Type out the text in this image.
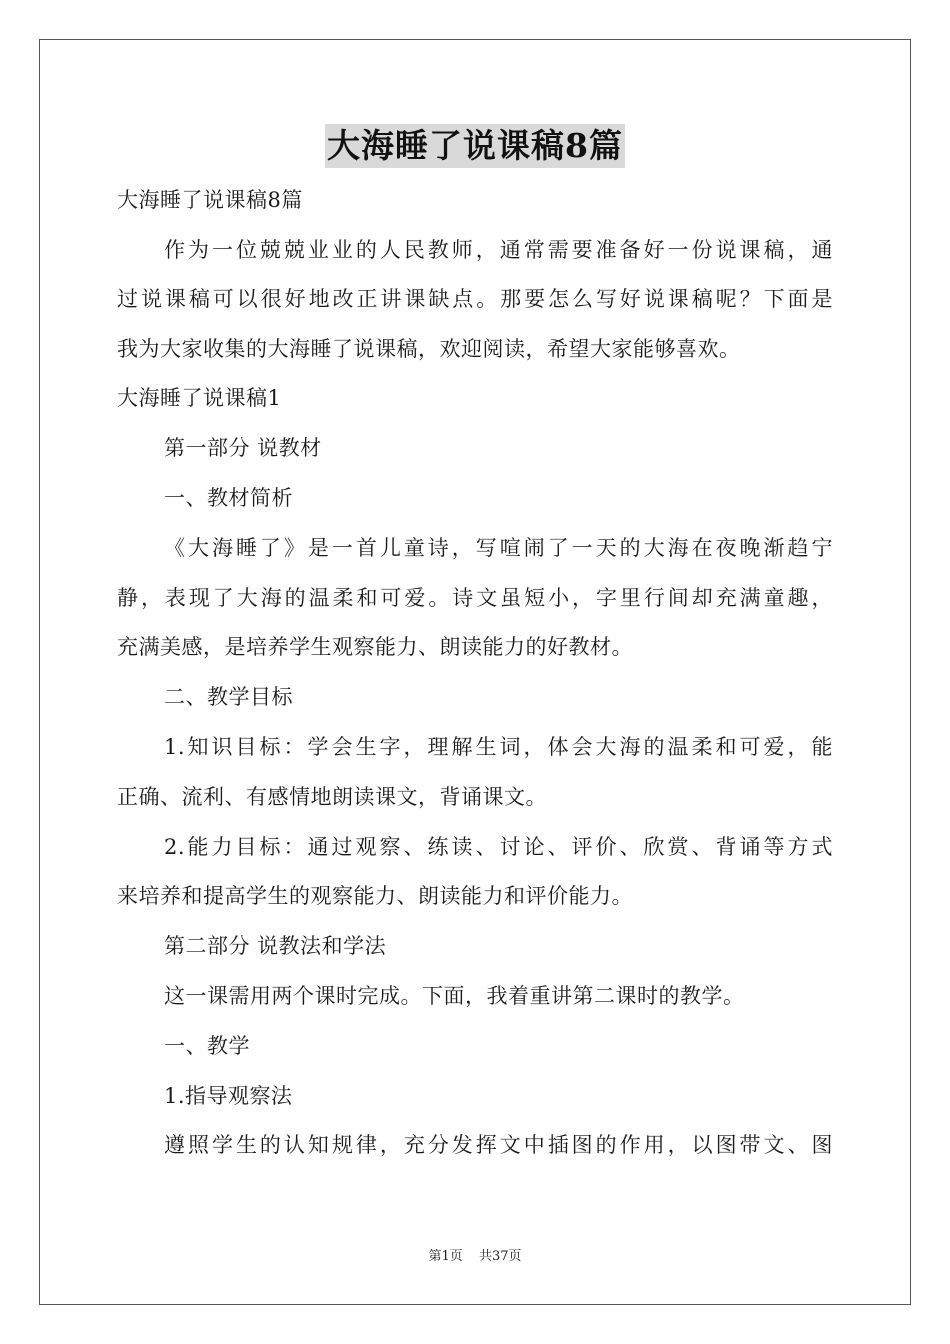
大海睡了说课稿8篇
大海睡了说课稿8篇
作为一位兢兢业业的人民教师，通常需要准备好一份说课稿，通
过说课稿可以很好地改正讲课缺点。那要怎么写好说课稿呢？下面是
我为大家收集的大海睡了说课稿，欢迎阅读，希望大家能够喜欢。
大海睡了说课稿1
第一部分 说教材
一、教材简析
《大海睡了》是一首儿童诗，写喧闹了一天的大海在夜晚渐趋宁
静，表现了大海的温柔和可爱。诗文虽短小，字里行间却充满童趣，
充满美感，是培养学生观察能力、朗读能力的好教材。
二、教学目标
1.知识目标：学会生字，理解生词，体会大海的温柔和可爱，能
正确、流利、有感情地朗读课文，背诵课文。
2.能力目标：通过观察、练读、讨论、评价、欣赏、背诵等方式
来培养和提高学生的观察能力、朗读能力和评价能力。
第二部分 说教法和学法
这一课需用两个课时完成。下面，我着重讲第二课时的教学。
一、教学
1.指导观察法
遵照学生的认知规律，充分发挥文中插图的作用，以图带文、图
第1页 共37页
